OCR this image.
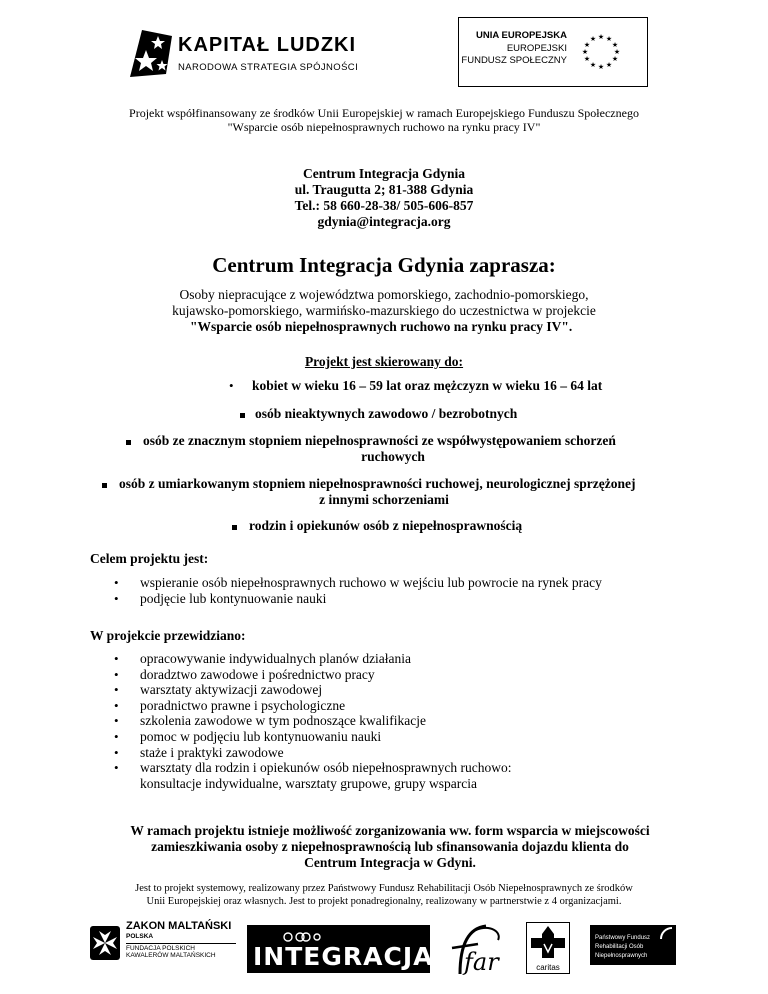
KAPITAŁ LUDZKI
NARODOWA STRATEGIA SPÓJNOŚCI
UNIA EUROPEJSKA
EUROPEJSKI
FUNDUSZ SPOŁECZNY
★ ★
★
★
★
★
★
★
★
★
★
★
Projekt współfinansowany ze środków Unii Europejskiej w ramach Europejskiego Funduszu Społecznego
"Wsparcie osób niepełnosprawnych ruchowo na rynku pracy IV"
Centrum Integracja Gdynia
ul. Traugutta 2; 81-388 Gdynia
Tel.: 58 660-28-38/ 505-606-857
gdynia@integracja.org
Centrum Integracja Gdynia zaprasza:
Osoby niepracujące z województwa pomorskiego, zachodnio-pomorskiego,
kujawsko-pomorskiego, warmińsko-mazurskiego do uczestnictwa w projekcie
"Wsparcie osób niepełnosprawnych ruchowo na rynku pracy IV".
Projekt jest skierowany do:
• kobiet w wieku 16 – 59 lat oraz mężczyzn w wieku 16 – 64 lat
osób nieaktywnych zawodowo / bezrobotnych
osób ze znacznym stopniem niepełnosprawności ze współwystępowaniem schorzeń
ruchowych
osób z umiarkowanym stopniem niepełnosprawności ruchowej, neurologicznej sprzężonej
z innymi schorzeniami
rodzin i opiekunów osób z niepełnosprawnością
Celem projektu jest:
• wspieranie osób niepełnosprawnych ruchowo w wejściu lub powrocie na rynek pracy
• podjęcie lub kontynuowanie nauki
W projekcie przewidziano:
• opracowywanie indywidualnych planów działania
• doradztwo zawodowe i pośrednictwo pracy
• warsztaty aktywizacji zawodowej
• poradnictwo prawne i psychologiczne
• szkolenia zawodowe w tym podnoszące kwalifikacje
• pomoc w podjęciu lub kontynuowaniu nauki
• staże i praktyki zawodowe
• warsztaty dla rodzin i opiekunów osób niepełnosprawnych ruchowo:
konsultacje indywidualne, warsztaty grupowe, grupy wsparcia
W ramach projektu istnieje możliwość zorganizowania ww. form wsparcia w miejscowości
zamieszkiwania osoby z niepełnosprawnością lub sfinansowania dojazdu klienta do
Centrum Integracja w Gdyni.
Jest to projekt systemowy, realizowany przez Państwowy Fundusz Rehabilitacji Osób Niepełnosprawnych ze środków
Unii Europejskiej oraz własnych. Jest to projekt ponadregionalny, realizowany w partnerstwie z 4 organizacjami.
ZAKON MALTAŃSKI
POLSKA
FUNDACJA POLSKICH
KAWALERÓW MALTAŃSKICH INTEGRACJA far	caritas
Państwowy Fundusz
Rehabilitacji Osób
Niepełnosprawnych
